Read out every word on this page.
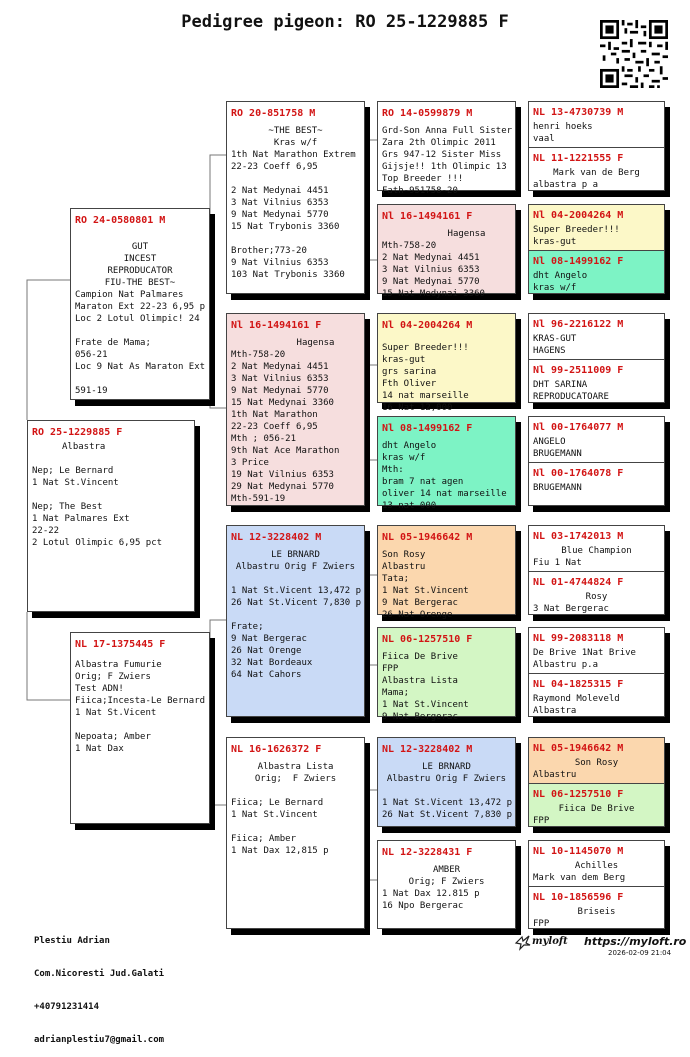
Pedigree pigeon: RO 25-1229885 F
RO 25-1229885 F
Albastra

Nep; Le Bernard
1 Nat St.Vincent

Nep; The Best
1 Nat Palmares Ext
22-22
2 Lotul Olimpic 6,95 pct
RO 24-0580801 M
GUT
INCEST
REPRODUCATOR
FIU-THE BEST~
Campion Nat Palmares
Maraton Ext 22-23 6,95 p
Loc 2 Lotul Olimpic! 24

Frate de Mama;
056-21
Loc 9 Nat As Maraton Ext

591-19
NL 17-1375445 F
Albastra Fumurie
Orig; F Zwiers
Test ADN!
Fiica;Incesta-Le Bernard
1 Nat St.Vicent

Nepoata; Amber
1 Nat Dax
RO 20-851758 M
~THE BEST~
Kras w/f
1th Nat Marathon Extrem
22-23 Coeff 6,95

2 Nat Medynai 4451
3 Nat Vilnius 6353
9 Nat Medynai 5770
15 Nat Trybonis 3360

Brother;773-20
9 Nat Vilnius 6353
103 Nat Trybonis 3360
Nl 16-1494161 F
Hagensa
Mth-758-20
2 Nat Medynai 4451
3 Nat Vilnius 6353
9 Nat Medynai 5770
15 Nat Medynai 3360
1th Nat Marathon
22-23 Coeff 6,95
Mth ; 056-21
9th Nat Ace Marathon
3 Price
19 Nat Vilnius 6353
29 Nat Medynai 5770
Mth-591-19
NL 12-3228402 M
LE BRNARD
Albastru Orig F Zwiers

1 Nat St.Vicent 13,472 p
26 Nat St.Vicent 7,830 p

Frate;
9 Nat Bergerac
26 Nat Orenge
32 Nat Bordeaux
64 Nat Cahors
NL 16-1626372 F
Albastra Lista
Orig;  F Zwiers

Fiica; Le Bernard
1 Nat St.Vincent

Fiica; Amber
1 Nat Dax 12,815 p
RO 14-0599879 M
Grd-Son Anna Full Sister
Zara 2th Olimpic 2011
Grs 947-12 Sister Miss
Gijsje!! 1th Olimpic 13
Top Breeder !!!
Fath-951758-20
Nl 16-1494161 F
Hagensa
Mth-758-20
2 Nat Medynai 4451
3 Nat Vilnius 6353
9 Nat Medynai 5770
15 Nat Medynai 3360
Nl 04-2004264 M
Super Breeder!!!
kras-gut
grs sarina
Fth Oliver
14 nat marseille
16 Nat 12,000
Nl 08-1499162 F
dht Angelo
kras w/f
Mth:
bram 7 nat agen
oliver 14 nat marseille
13 nat 000
NL 05-1946642 M
Son Rosy
Albastru
Tata;
1 Nat St.Vincent
9 Nat Bergerac
26 Nat Orenge
NL 06-1257510 F
Fiica De Brive
FPP
Albastra Lista
Mama;
1 Nat St.Vincent
9 Nat Bergerac
NL 12-3228402 M
LE BRNARD
Albastru Orig F Zwiers

1 Nat St.Vicent 13,472 p
26 Nat St.Vicent 7,830 p
NL 12-3228431 F
AMBER
Orig; F Zwiers
1 Nat Dax 12.815 p
16 Npo Bergerac
NL 13-4730739 M
henri hoeks
vaal
NL 11-1221555 F
Mark van de Berg
albastra p a
Nl 04-2004264 M
Super Breeder!!!
kras-gut
Nl 08-1499162 F
dht Angelo
kras w/f
Nl 96-2216122 M
KRAS-GUT
HAGENS
Nl 99-2511009 F
DHT SARINA
REPRODUCATOARE
Nl 00-1764077 M
ANGELO
BRUGEMANN
Nl 00-1764078 F
BRUGEMANN
NL 03-1742013 M
Blue Champion
Fiu 1 Nat
NL 01-4744824 F
Rosy
3 Nat Bergerac
NL 99-2083118 M
De Brive 1Nat Brive
Albastru p.a
NL 04-1825315 F
Raymond Moleveld
Albastra
NL 05-1946642 M
Son Rosy
Albastru
NL 06-1257510 F
Fiica De Brive
FPP
NL 10-1145070 M
Achilles
Mark van dem Berg
NL 10-1856596 F
Briseis
FPP

Plestiu Adrian

Com.Nicoresti Jud.Galati

+40791231414

adrianplestiu7@gmail.com

myloft https://myloft.ro
2026-02-09 21:04
